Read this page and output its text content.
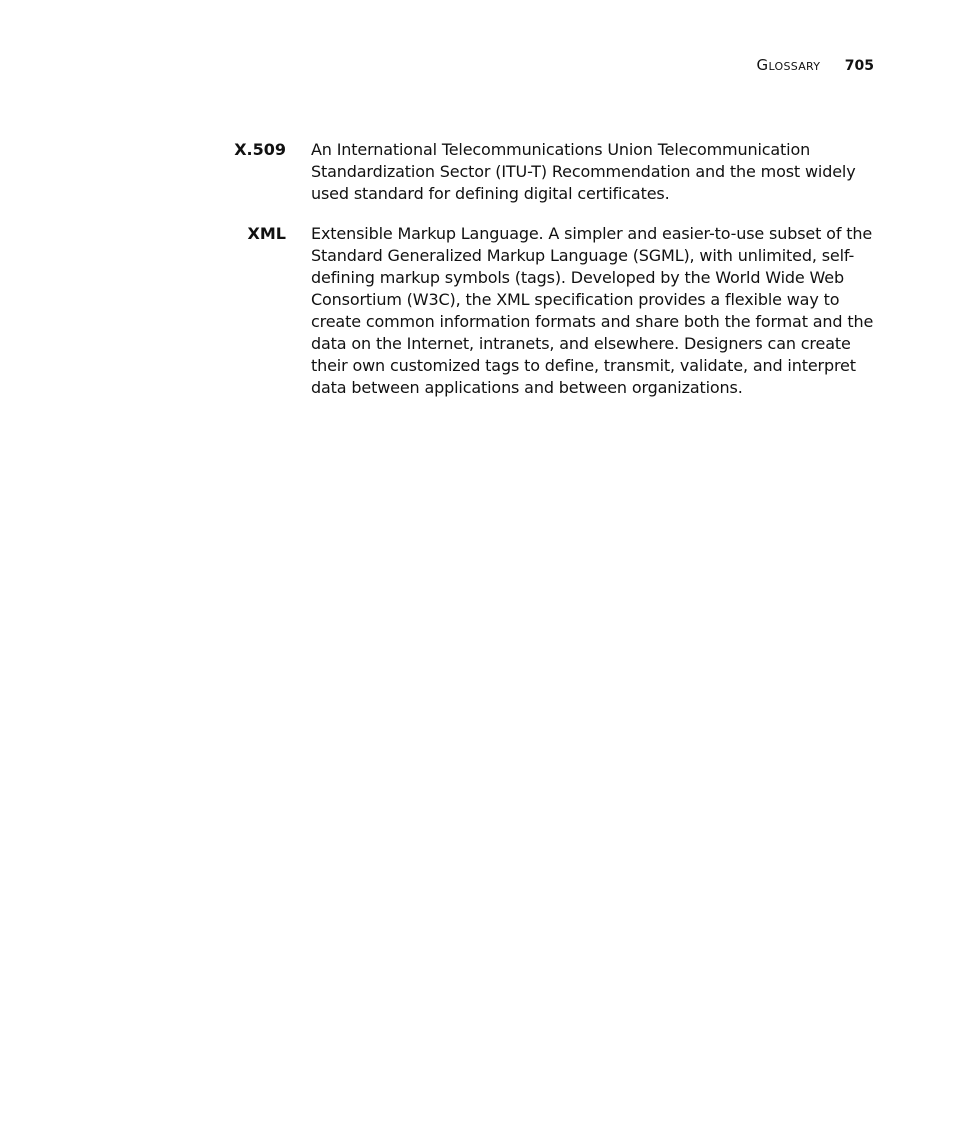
Glossary 705
X.509 An International Telecommunications Union Telecommunication Standardization Sector (ITU-T) Recommendation and the most widely used standard for defining digital certificates.
XML Extensible Markup Language. A simpler and easier-to-use subset of the Standard Generalized Markup Language (SGML), with unlimited, self-defining markup symbols (tags). Developed by the World Wide Web Consortium (W3C), the XML specification provides a flexible way to create common information formats and share both the format and the data on the Internet, intranets, and elsewhere. Designers can create their own customized tags to define, transmit, validate, and interpret data between applications and between organizations.
